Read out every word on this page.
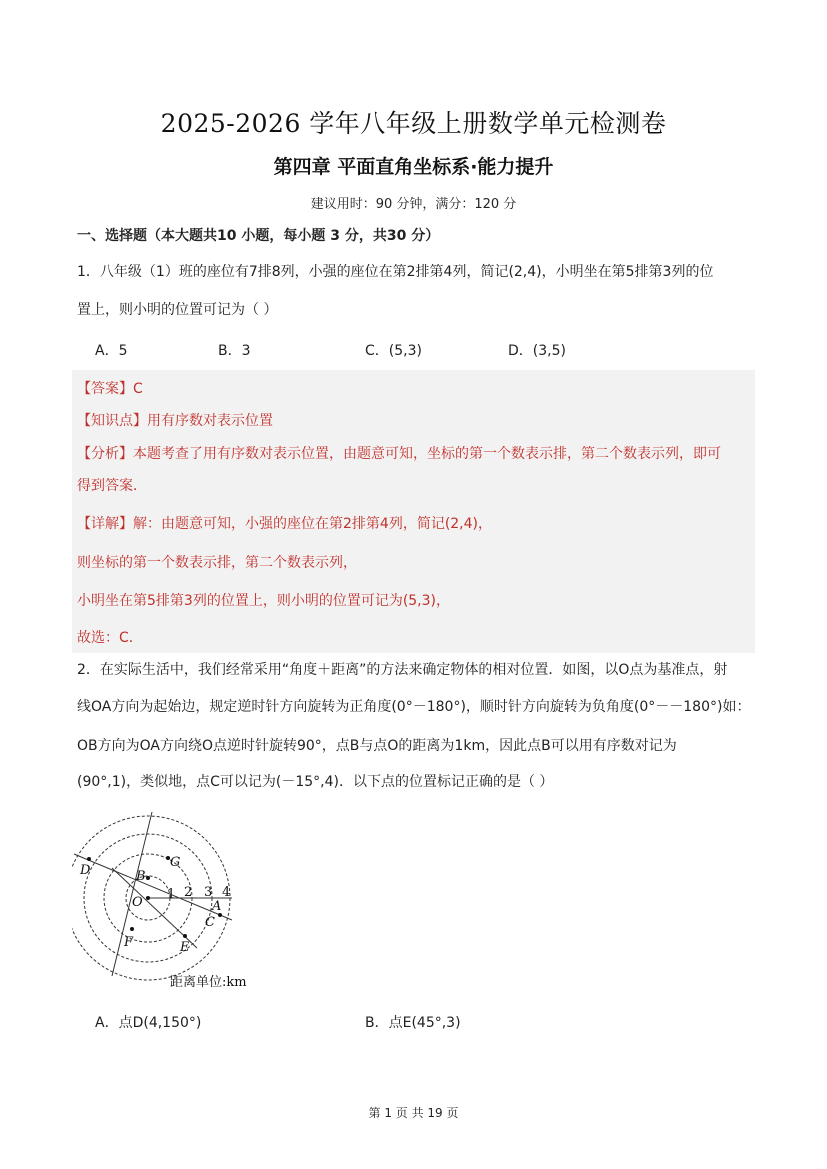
2025-2026 学年八年级上册数学单元检测卷
第四章 平面直角坐标系·能力提升
建议用时：90 分钟，满分：120 分
一、选择题（本大题共10 小题，每小题 3 分，共30 分）
1．八年级（1）班的座位有7排8列，小强的座位在第2排第4列，简记(2,4)，小明坐在第5排第3列的位
置上，则小明的位置可记为（ ）
A．5	B．3	C．(5,3)	D．(3,5)
【答案】C
【知识点】用有序数对表示位置
【分析】本题考查了用有序数对表示位置，由题意可知，坐标的第一个数表示排，第二个数表示列，即可
得到答案．
【详解】解：由题意可知，小强的座位在第2排第4列，简记(2,4)，
则坐标的第一个数表示排，第二个数表示列，
小明坐在第5排第3列的位置上，则小明的位置可记为(5,3)，
故选：C．
2．在实际生活中，我们经常采用“角度＋距离”的方法来确定物体的相对位置．如图，以O点为基准点，射
线OA方向为起始边，规定逆时针方向旋转为正角度(0°－180°)，顺时针方向旋转为负角度(0°－－180°)如：
OB方向为OA方向绕O点逆时针旋转90°，点B与点O的距离为1km，因此点B可以用有序数对记为
(90°,1)，类似地，点C可以记为(－15°,4)．以下点的位置标记正确的是（ ）
1 2 3 4
D
G
B
O	A
C
F	E
距离单位:km
A．点D(4,150°)	B．点E(45°,3)
第 1 页 共 19 页
